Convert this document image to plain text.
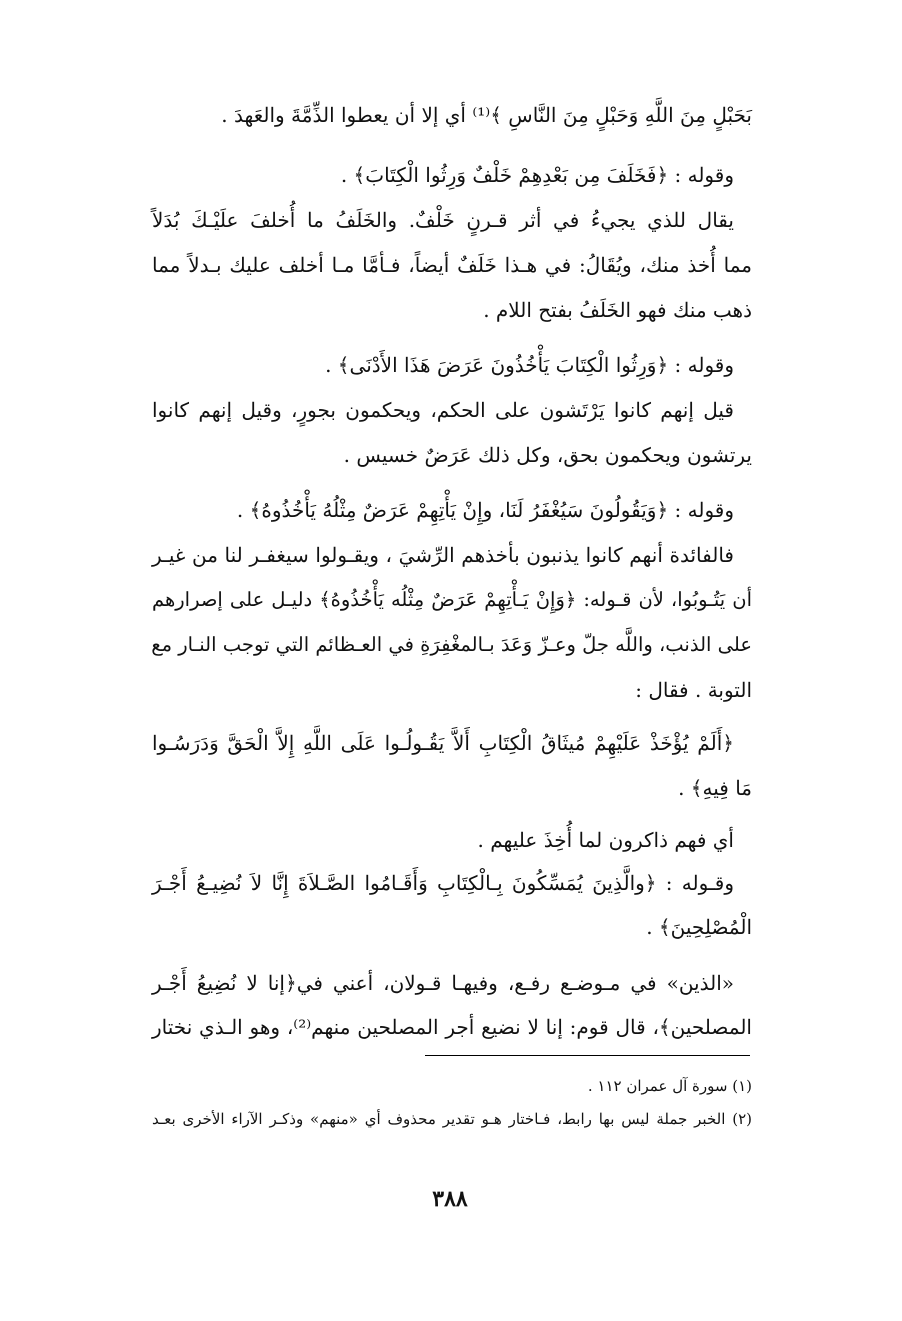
بَحَبْلٍ مِنَ اللَّهِ وَحَبْلٍ مِنَ النَّاسِ ﴾⁽¹⁾ أي إلا أن يعطوا الذِّمَّةَ والعَهدَ .
وقوله : ﴿فَخَلَفَ مِن بَعْدِهِمْ خَلْفٌ وَرِثُوا الْكِتَابَ﴾ .
يقال للذي يجيءُ في أثر قـرنٍ خَلْفٌ. والخَلَفُ ما أُخلفَ علَيْـكَ بُدَلاً
مما أُخذ منك، ويُقَالُ: في هـذا خَلَفٌ أيضاً، فـأمَّا مـا أخلف عليك بـدلاً مما
ذهب منك فهو الخَلَفُ بفتح اللام .
وقوله : ﴿وَرِثُوا الْكِتَابَ يَأْخُذُونَ عَرَضَ هَذَا الأَدْنَى﴾ .
قيل إنهم كانوا يَرْتَشون على الحكم، ويحكمون بجورٍ، وقيل إنهم كانوا
يرتشون ويحكمون بحق، وكل ذلك عَرَضٌ خسيس .
وقوله : ﴿وَيَقُولُونَ سَيُغْفَرُ لَنَا، وإِنْ يَأْتِهِمْ عَرَضٌ مِثْلُهُ يَأْخُذُوهُ﴾ .
فالفائدة أنهم كانوا يذنبون بأخذهم الرِّشيَ ، ويقـولوا سيغفـر لنا من غيـر
أن يَتُـوبُوا، لأن قـوله: ﴿وَإِنْ يَـأْتِهِمْ عَرَضٌ مِثْلُه يَأْخُذُوهُ﴾ دليـل على إصرارهم
على الذنب، واللَّه جلّ وعـزّ وَعَدَ بـالمغْفِرَةِ في العـظائم التي توجب النـار مع
التوبة . فقال :
﴿أَلَمْ يُؤْخَذْ عَلَيْهِمْ مُيثَاقُ الْكِتَابِ أَلاَّ يَقُـولُـوا عَلَى اللَّهِ إِلاَّ الْحَقَّ وَدَرَسُـوا
مَا فِيهِ﴾ .
أي فهم ذاكرون لما أُخِذَ عليهم .
وقـوله : ﴿والَّذِينَ يُمَسِّكُونَ بِـالْكِتَابِ وَأَقَـامُوا الصَّـلاَةَ إِنَّا لاَ نُضِيـعُ أَجْـرَ
الْمُصْلِحِينَ﴾ .
«الذين» في مـوضـع رفـع، وفيهـا قـولان، أعني في﴿إنا لا نُضِيعُ أَجْـر
المصلحين﴾، قال قوم: إنا لا نضيع أجر المصلحين منهم⁽²⁾، وهو الـذي نختار
(١) سورة آل عمران ١١٢ .
(٢) الخبر جملة ليس بها رابط، فـاختار هـو تقدير محذوف أي «منهم» وذكـر الآراء الأخرى بعـد
٣٨٨
